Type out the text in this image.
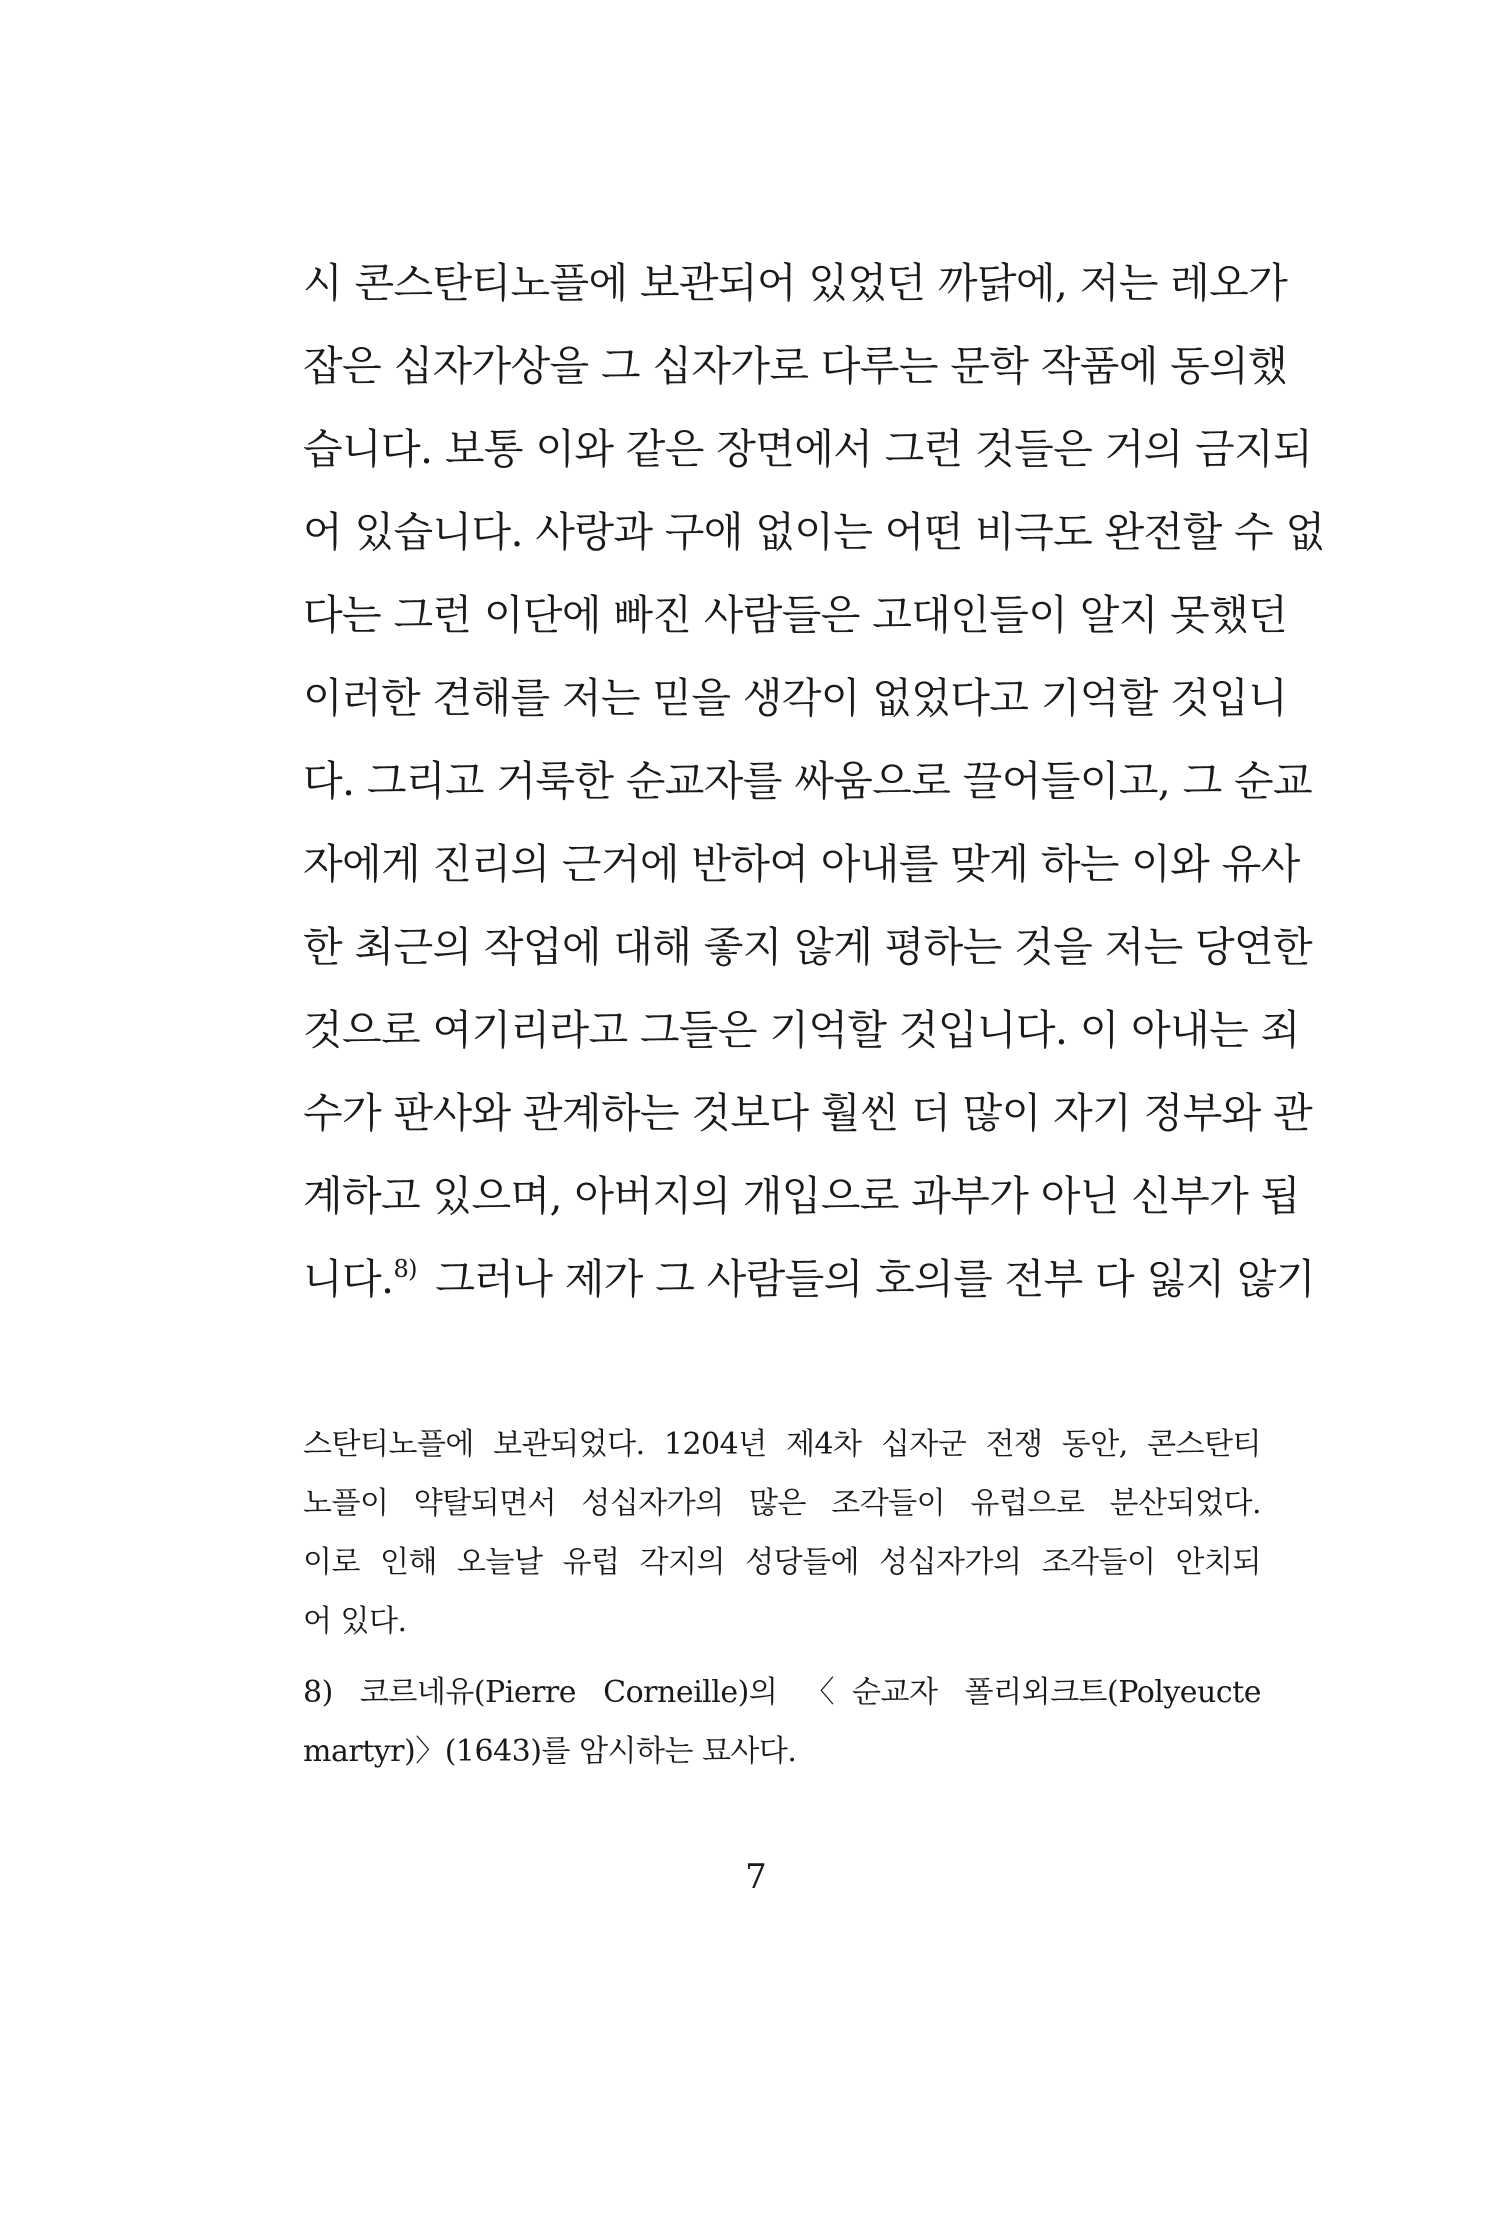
시 콘스탄티노플에 보관되어 있었던 까닭에, 저는 레오가
잡은 십자가상을 그 십자가로 다루는 문학 작품에 동의했
습니다. 보통 이와 같은 장면에서 그런 것들은 거의 금지되
어 있습니다. 사랑과 구애 없이는 어떤 비극도 완전할 수 없
다는 그런 이단에 빠진 사람들은 고대인들이 알지 못했던
이러한 견해를 저는 믿을 생각이 없었다고 기억할 것입니
다. 그리고 거룩한 순교자를 싸움으로 끌어들이고, 그 순교
자에게 진리의 근거에 반하여 아내를 맞게 하는 이와 유사
한 최근의 작업에 대해 좋지 않게 평하는 것을 저는 당연한
것으로 여기리라고 그들은 기억할 것입니다. 이 아내는 죄
수가 판사와 관계하는 것보다 훨씬 더 많이 자기 정부와 관
계하고 있으며, 아버지의 개입으로 과부가 아닌 신부가 됩
니다.$^{8)}$ 그러나 제가 그 사람들의 호의를 전부 다 잃지 않기
스탄티노플에 보관되었다. 1204년 제4차 십자군 전쟁 동안, 콘스탄티
노플이 약탈되면서 성십자가의 많은 조각들이 유럽으로 분산되었다.
이로 인해 오늘날 유럽 각지의 성당들에 성십자가의 조각들이 안치되
어 있다.
8) 코르네유(Pierre Corneille)의 〈순교자 폴리외크트(Polyeucte
martyr)〉(1643)를 암시하는 묘사다.
7
